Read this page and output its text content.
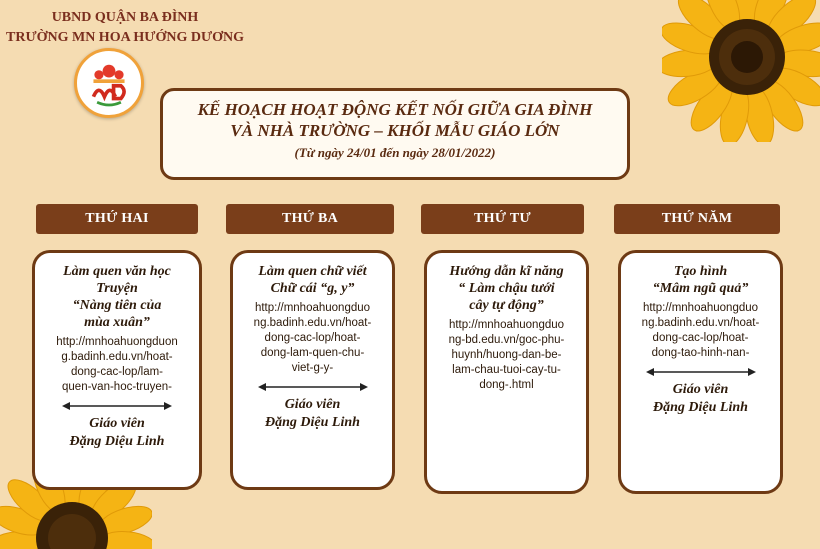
UBND QUẬN BA ĐÌNH
TRƯỜNG MN HOA HƯỚNG DƯƠNG
KẾ HOẠCH HOẠT ĐỘNG KẾT NỐI GIỮA GIA ĐÌNH
VÀ NHÀ TRƯỜNG – KHỐI MẪU GIÁO LỚN
(Từ ngày 24/01 đến ngày 28/01/2022)
THỨ HAI	THỨ BA	THỨ TƯ	THỨ NĂM
Làm quen văn học
Truyện
“Nàng tiên của
mùa xuân”
http://mnhoahuongduon
g.badinh.edu.vn/hoat-
dong-cac-lop/lam-
quen-van-hoc-truyen-
Giáo viên
Đặng Diệu Linh
Làm quen chữ viết
Chữ cái “g, y”
http://mnhoahuongduo
ng.badinh.edu.vn/hoat-
dong-cac-lop/hoat-
dong-lam-quen-chu-
viet-g-y-
Giáo viên
Đặng Diệu Linh
Hướng dẫn kĩ năng
“ Làm chậu tưới
cây tự động”
http://mnhoahuongduo
ng-bd.edu.vn/goc-phu-
huynh/huong-dan-be-
lam-chau-tuoi-cay-tu-
dong-.html
Tạo hình
“Mâm ngũ quả”
http://mnhoahuongduo
ng.badinh.edu.vn/hoat-
dong-cac-lop/hoat-
dong-tao-hinh-nan-
Giáo viên
Đặng Diệu Linh
